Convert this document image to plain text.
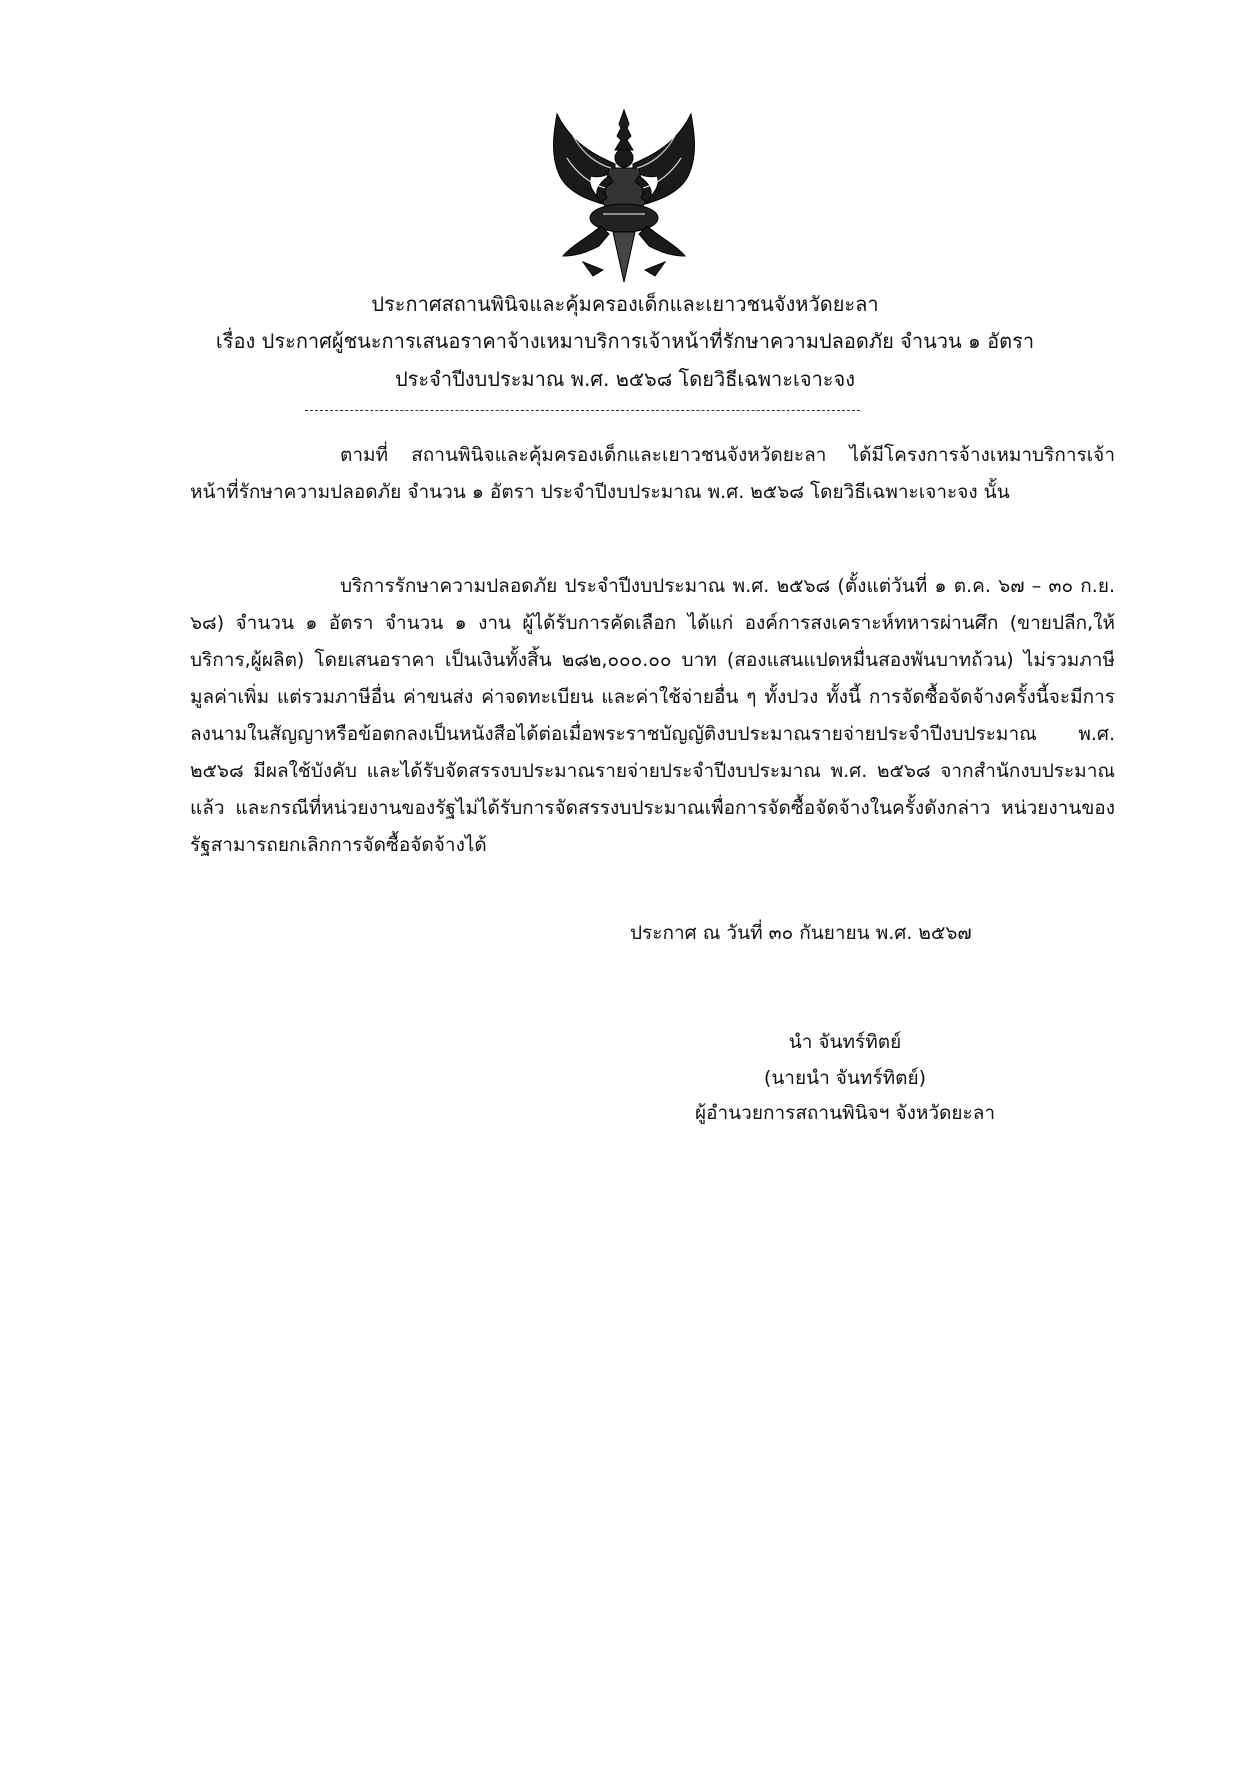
ประกาศสถานพินิจและคุ้มครองเด็กและเยาวชนจังหวัดยะลา
เรื่อง ประกาศผู้ชนะการเสนอราคาจ้างเหมาบริการเจ้าหน้าที่รักษาความปลอดภัย จำนวน ๑ อัตรา
ประจำปีงบประมาณ พ.ศ. ๒๕๖๘ โดยวิธีเฉพาะเจาะจง

ตามที่ สถานพินิจและคุ้มครองเด็กและเยาวชนจังหวัดยะลา ได้มีโครงการจ้างเหมาบริการเจ้าหน้าที่รักษาความปลอดภัย จำนวน ๑ อัตรา ประจำปีงบประมาณ พ.ศ. ๒๕๖๘ โดยวิธีเฉพาะเจาะจง นั้น

บริการรักษาความปลอดภัย ประจำปีงบประมาณ พ.ศ. ๒๕๖๘ (ตั้งแต่วันที่ ๑ ต.ค. ๖๗ – ๓๐ ก.ย. ๖๘) จำนวน ๑ อัตรา จำนวน ๑ งาน ผู้ได้รับการคัดเลือก ได้แก่ องค์การสงเคราะห์ทหารผ่านศึก (ขายปลีก,ให้บริการ,ผู้ผลิต) โดยเสนอราคา เป็นเงินทั้งสิ้น ๒๘๒,๐๐๐.๐๐ บาท (สองแสนแปดหมื่นสองพันบาทถ้วน) ไม่รวมภาษีมูลค่าเพิ่ม แต่รวมภาษีอื่น ค่าขนส่ง ค่าจดทะเบียน และค่าใช้จ่ายอื่น ๆ ทั้งปวง ทั้งนี้ การจัดซื้อจัดจ้างครั้งนี้จะมีการลงนามในสัญญาหรือข้อตกลงเป็นหนังสือได้ต่อเมื่อพระราชบัญญัติงบประมาณรายจ่ายประจำปีงบประมาณ พ.ศ. ๒๕๖๘ มีผลใช้บังคับ และได้รับจัดสรรงบประมาณรายจ่ายประจำปีงบประมาณ พ.ศ. ๒๕๖๘ จากสำนักงบประมาณแล้ว และกรณีที่หน่วยงานของรัฐไม่ได้รับการจัดสรรงบประมาณเพื่อการจัดซื้อจัดจ้างในครั้งดังกล่าว หน่วยงานของรัฐสามารถยกเลิกการจัดซื้อจัดจ้างได้

ประกาศ ณ วันที่ ๓๐ กันยายน พ.ศ. ๒๕๖๗
นำ จันทร์ทิตย์
(นายนำ จันทร์ทิตย์)
ผู้อำนวยการสถานพินิจฯ จังหวัดยะลา
